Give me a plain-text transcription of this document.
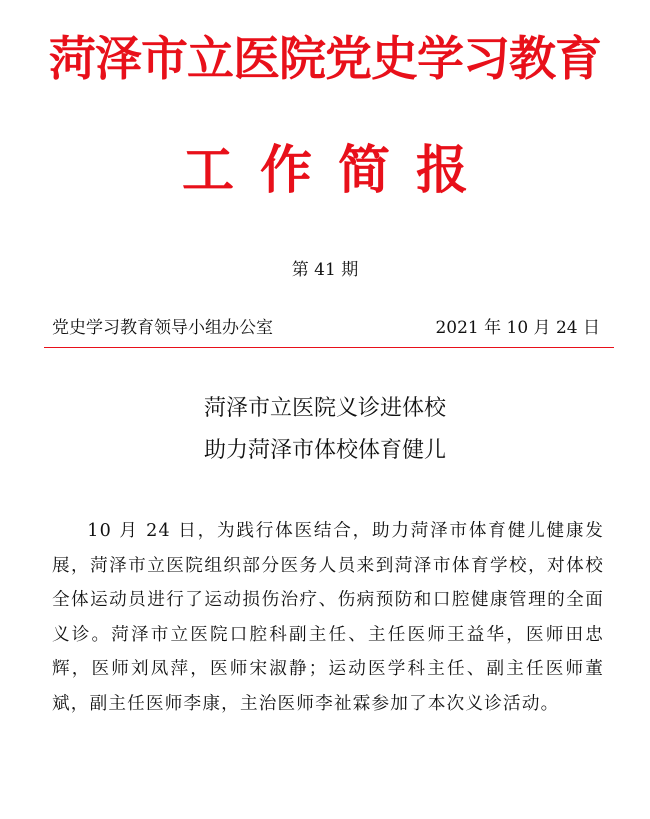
菏泽市立医院党史学习教育
工作简报
第 41 期
党史学习教育领导小组办公室	2021 年 10 月 24 日
菏泽市立医院义诊进体校
助力菏泽市体校体育健儿

10 月 24 日，为践行体医结合，助力菏泽市体育健儿健康发展，菏泽市立医院组织部分医务人员来到菏泽市体育学校，对体校全体运动员进行了运动损伤治疗、伤病预防和口腔健康管理的全面义诊。菏泽市立医院口腔科副主任、主任医师王益华，医师田忠辉，医师刘凤萍，医师宋淑静；运动医学科主任、副主任医师董斌，副主任医师李康，主治医师李祉霖参加了本次义诊活动。
